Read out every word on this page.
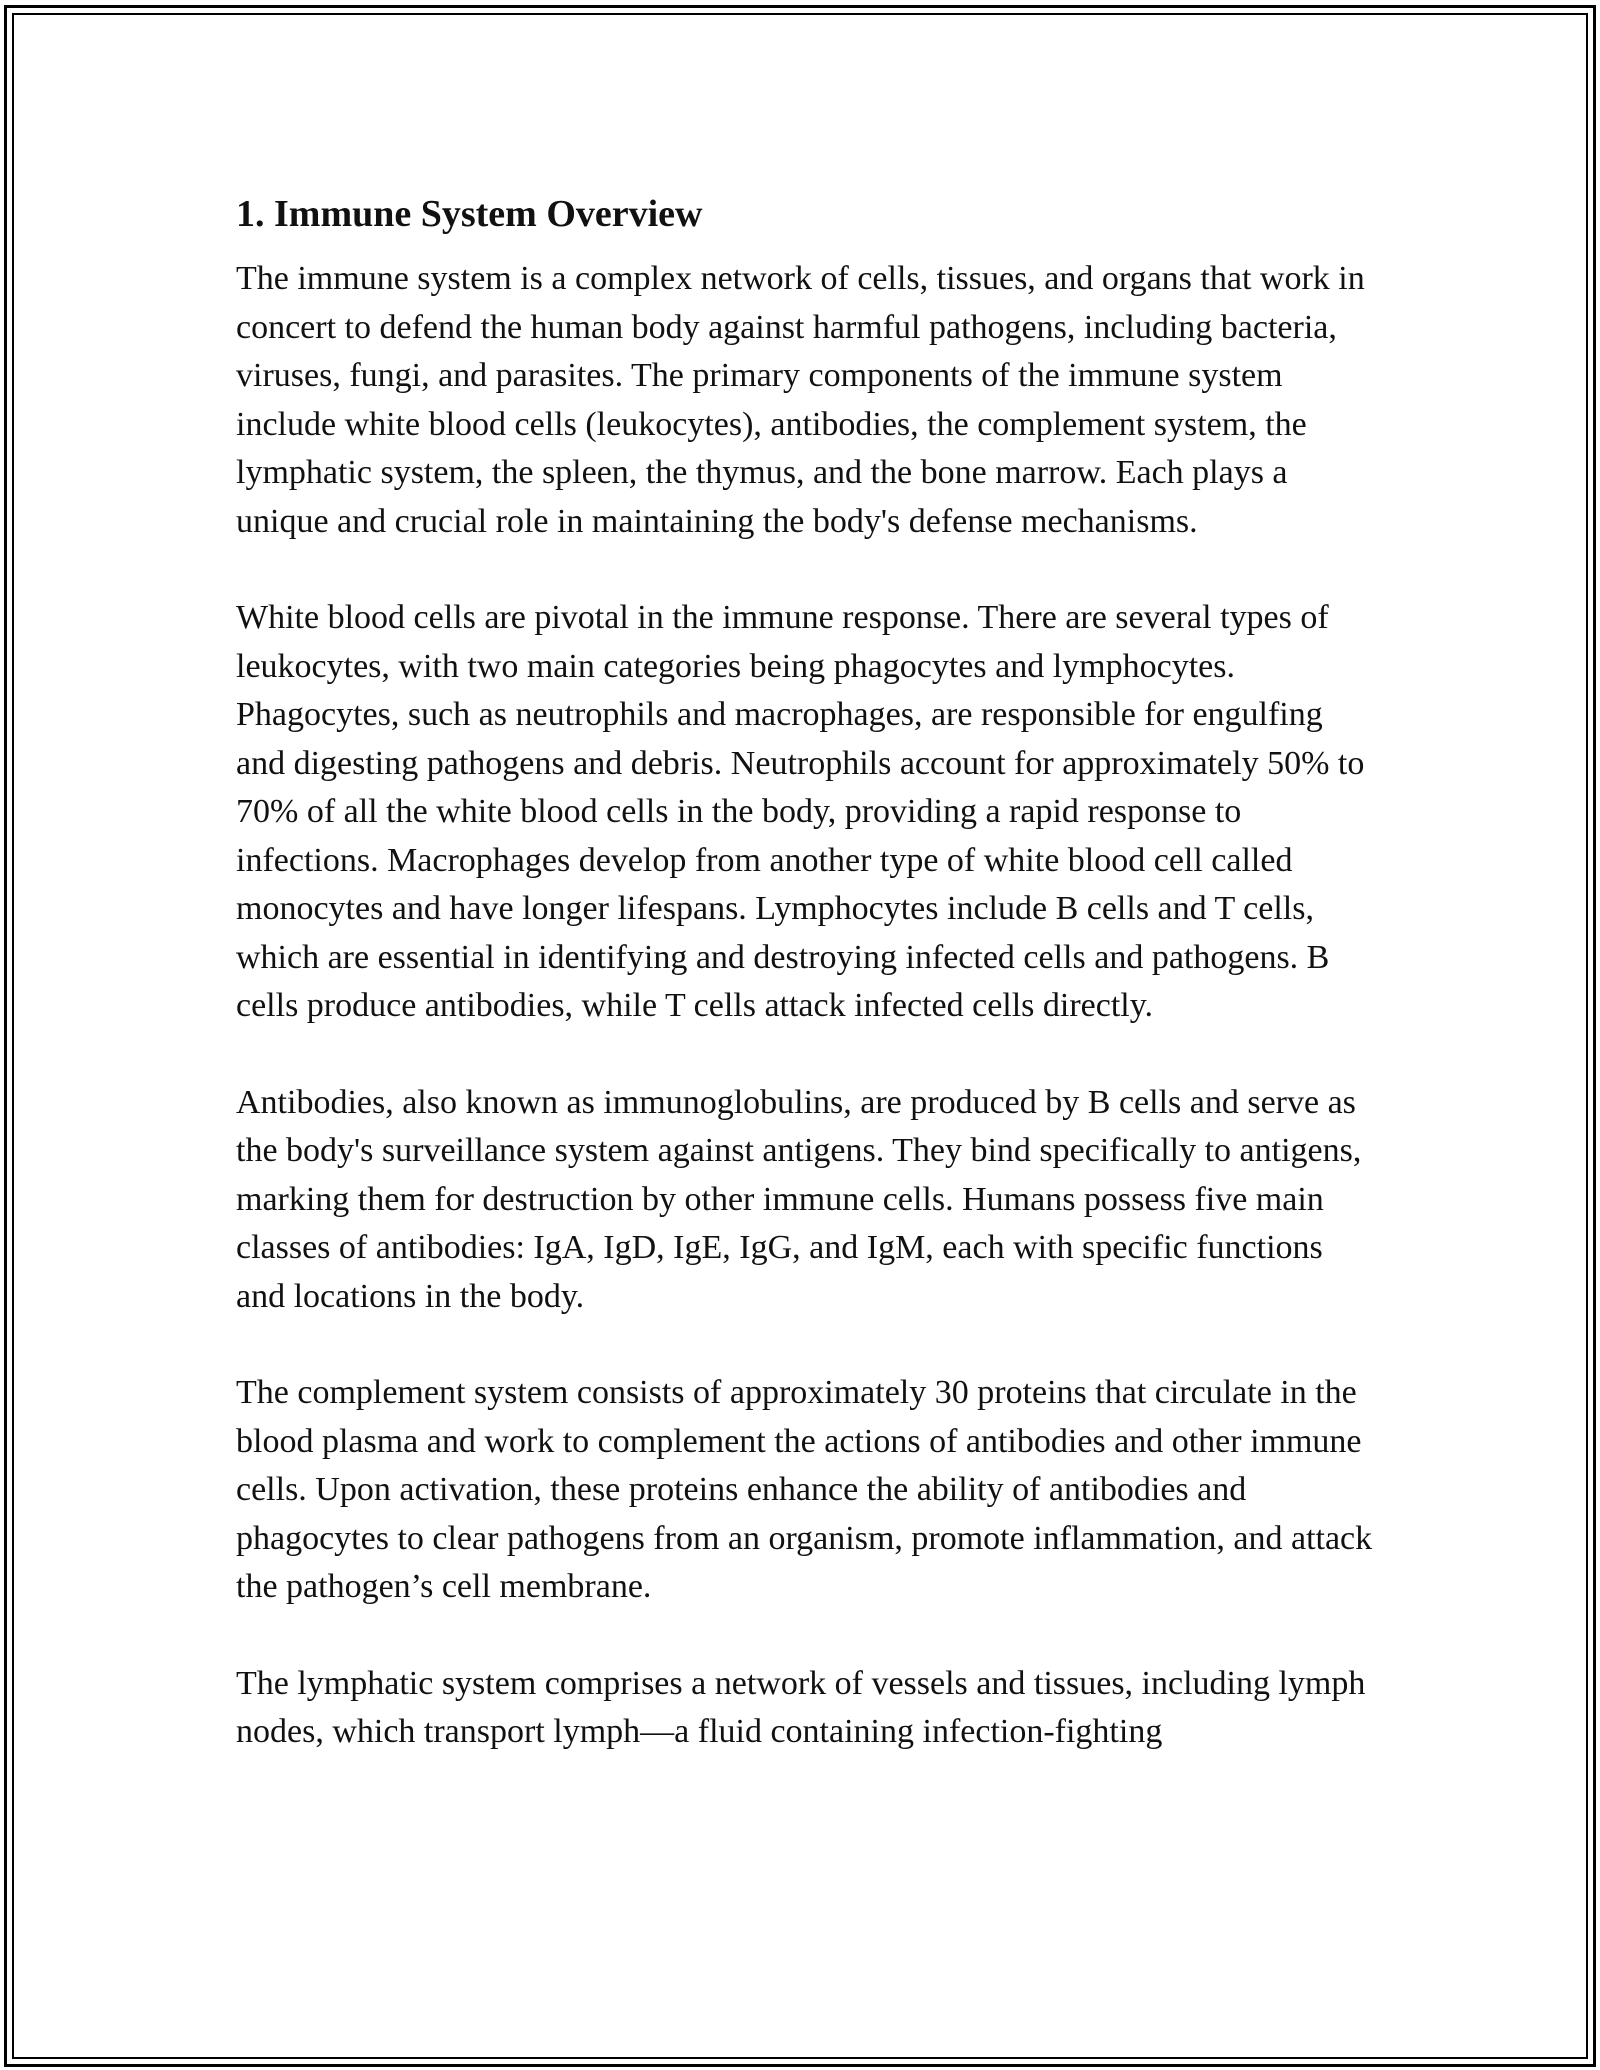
1. Immune System Overview

The immune system is a complex network of cells, tissues, and organs that work in concert to defend the human body against harmful pathogens, including bacteria, viruses, fungi, and parasites. The primary components of the immune system include white blood cells (leukocytes), antibodies, the complement system, the lymphatic system, the spleen, the thymus, and the bone marrow. Each plays a unique and crucial role in maintaining the body's defense mechanisms.

White blood cells are pivotal in the immune response. There are several types of leukocytes, with two main categories being phagocytes and lymphocytes. Phagocytes, such as neutrophils and macrophages, are responsible for engulfing and digesting pathogens and debris. Neutrophils account for approximately 50% to 70% of all the white blood cells in the body, providing a rapid response to infections. Macrophages develop from another type of white blood cell called monocytes and have longer lifespans. Lymphocytes include B cells and T cells, which are essential in identifying and destroying infected cells and pathogens. B cells produce antibodies, while T cells attack infected cells directly.

Antibodies, also known as immunoglobulins, are produced by B cells and serve as the body's surveillance system against antigens. They bind specifically to antigens, marking them for destruction by other immune cells. Humans possess five main classes of antibodies: IgA, IgD, IgE, IgG, and IgM, each with specific functions and locations in the body.

The complement system consists of approximately 30 proteins that circulate in the blood plasma and work to complement the actions of antibodies and other immune cells. Upon activation, these proteins enhance the ability of antibodies and phagocytes to clear pathogens from an organism, promote inflammation, and attack the pathogen’s cell membrane.

The lymphatic system comprises a network of vessels and tissues, including lymph nodes, which transport lymph—a fluid containing infection-fighting
